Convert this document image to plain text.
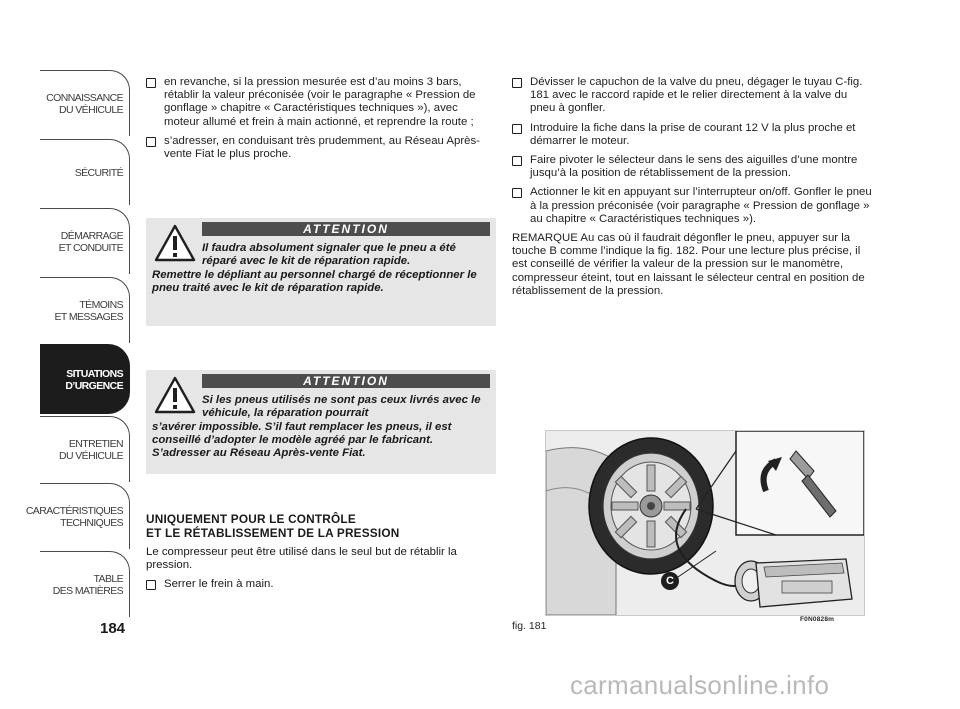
CONNAISSANCE
DU VÉHICULE
SÉCURITÉ
DÉMARRAGE
ET CONDUITE
TÉMOINS
ET MESSAGES
SITUATIONS
D’URGENCE
ENTRETIEN
DU VÉHICULE
CARACTÉRISTIQUES
TECHNIQUES
TABLE
DES MATIÈRES
184
en revanche, si la pression mesurée est d’au moins 3 bars, rétablir la valeur préconisée (voir le paragraphe « Pression de gonflage » chapitre « Caractéristiques techniques »), avec moteur allumé et frein à main actionné, et reprendre la route ;
s’adresser, en conduisant très prudemment, au Réseau Après-vente Fiat le plus proche.
ATTENTION
Il faudra absolument signaler que le pneu a été réparé avec le kit de réparation rapide.
Remettre le dépliant au personnel chargé de réceptionner le pneu traité avec le kit de réparation rapide.
ATTENTION
Si les pneus utilisés ne sont pas ceux livrés avec le véhicule, la réparation pourrait
s’avérer impossible. S’il faut remplacer les pneus, il est conseillé d’adopter le modèle agréé par le fabricant. S’adresser au Réseau Après-vente Fiat.
UNIQUEMENT POUR LE CONTRÔLE
ET LE RÉTABLISSEMENT DE LA PRESSION
Le compresseur peut être utilisé dans le seul but de rétablir la pression.
Serrer le frein à main.
Dévisser le capuchon de la valve du pneu, dégager le tuyau C-fig. 181 avec le raccord rapide et le relier directement à la valve du pneu à gonfler.
Introduire la fiche dans la prise de courant 12 V la plus proche et démarrer le moteur.
Faire pivoter le sélecteur dans le sens des aiguilles d’une montre jusqu’à la position de rétablissement de la pression.
Actionner le kit en appuyant sur l’interrupteur on/off. Gonfler le pneu à la pression préconisée (voir paragraphe « Pression de gonflage » au chapitre « Caractéristiques techniques »).
REMARQUE Au cas où il faudrait dégonfler le pneu, appuyer sur la touche B comme l’indique la fig. 182. Pour une lecture plus précise, il est conseillé de vérifier la valeur de la pression sur le manomètre, compresseur éteint, tout en laissant le sélecteur central en position de rétablissement de la pression.
C
fig. 181
F0N0828m
carmanualsonline.info
